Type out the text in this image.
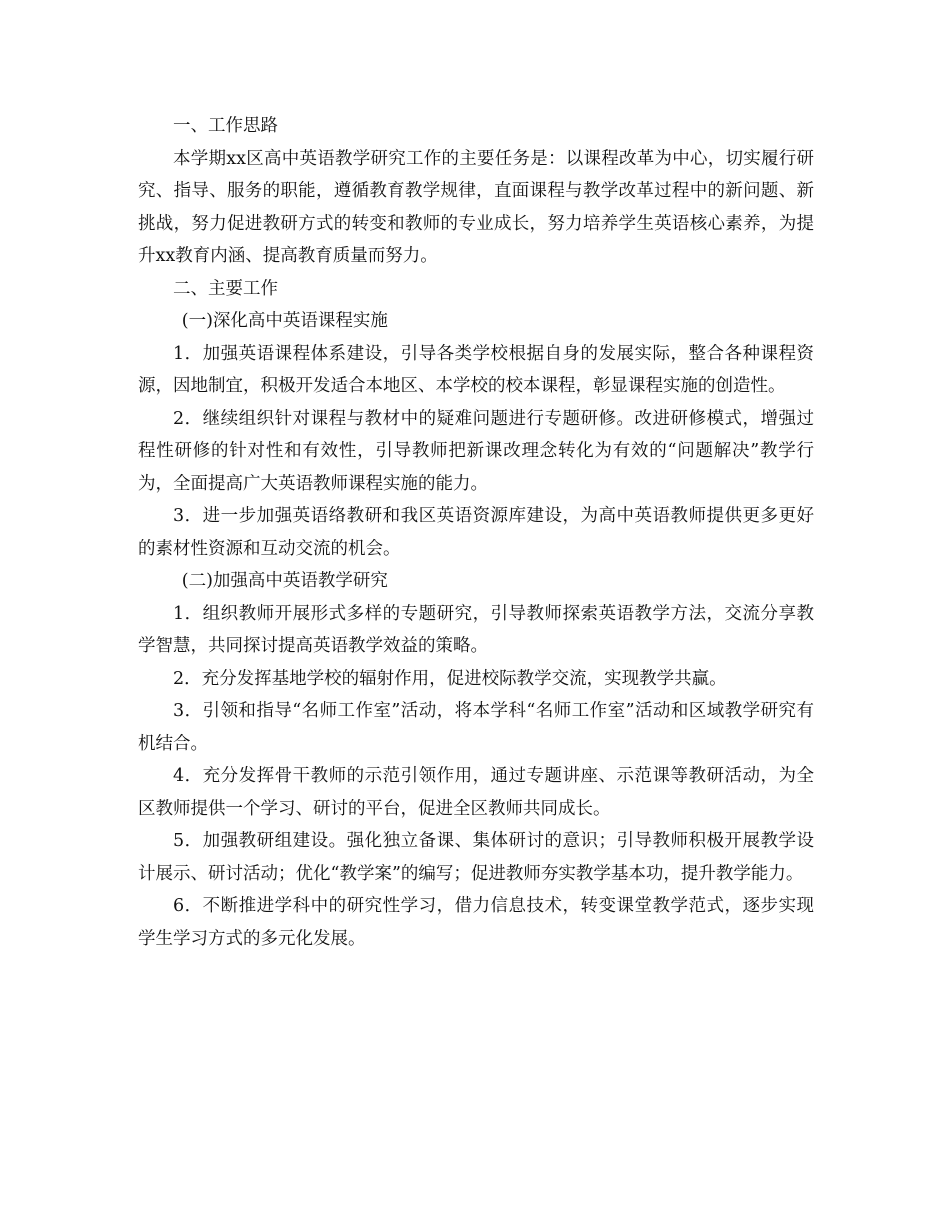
一、工作思路

本学期xx区高中英语教学研究工作的主要任务是：以课程改革为中心，切实履行研究、指导、服务的职能，遵循教育教学规律，直面课程与教学改革过程中的新问题、新挑战，努力促进教研方式的转变和教师的专业成长，努力培养学生英语核心素养，为提升xx教育内涵、提高教育质量而努力。

二、主要工作

(一)深化高中英语课程实施

1．加强英语课程体系建设，引导各类学校根据自身的发展实际，整合各种课程资源，因地制宜，积极开发适合本地区、本学校的校本课程，彰显课程实施的创造性。

2．继续组织针对课程与教材中的疑难问题进行专题研修。改进研修模式，增强过程性研修的针对性和有效性，引导教师把新课改理念转化为有效的“问题解决”教学行为，全面提高广大英语教师课程实施的能力。

3．进一步加强英语络教研和我区英语资源库建设，为高中英语教师提供更多更好的素材性资源和互动交流的机会。

(二)加强高中英语教学研究

1．组织教师开展形式多样的专题研究，引导教师探索英语教学方法，交流分享教学智慧，共同探讨提高英语教学效益的策略。

2．充分发挥基地学校的辐射作用，促进校际教学交流，实现教学共赢。

3．引领和指导“名师工作室”活动，将本学科“名师工作室”活动和区域教学研究有机结合。

4．充分发挥骨干教师的示范引领作用，通过专题讲座、示范课等教研活动，为全区教师提供一个学习、研讨的平台，促进全区教师共同成长。

5．加强教研组建设。强化独立备课、集体研讨的意识；引导教师积极开展教学设计展示、研讨活动；优化“教学案”的编写；促进教师夯实教学基本功，提升教学能力。

6．不断推进学科中的研究性学习，借力信息技术，转变课堂教学范式，逐步实现学生学习方式的多元化发展。
